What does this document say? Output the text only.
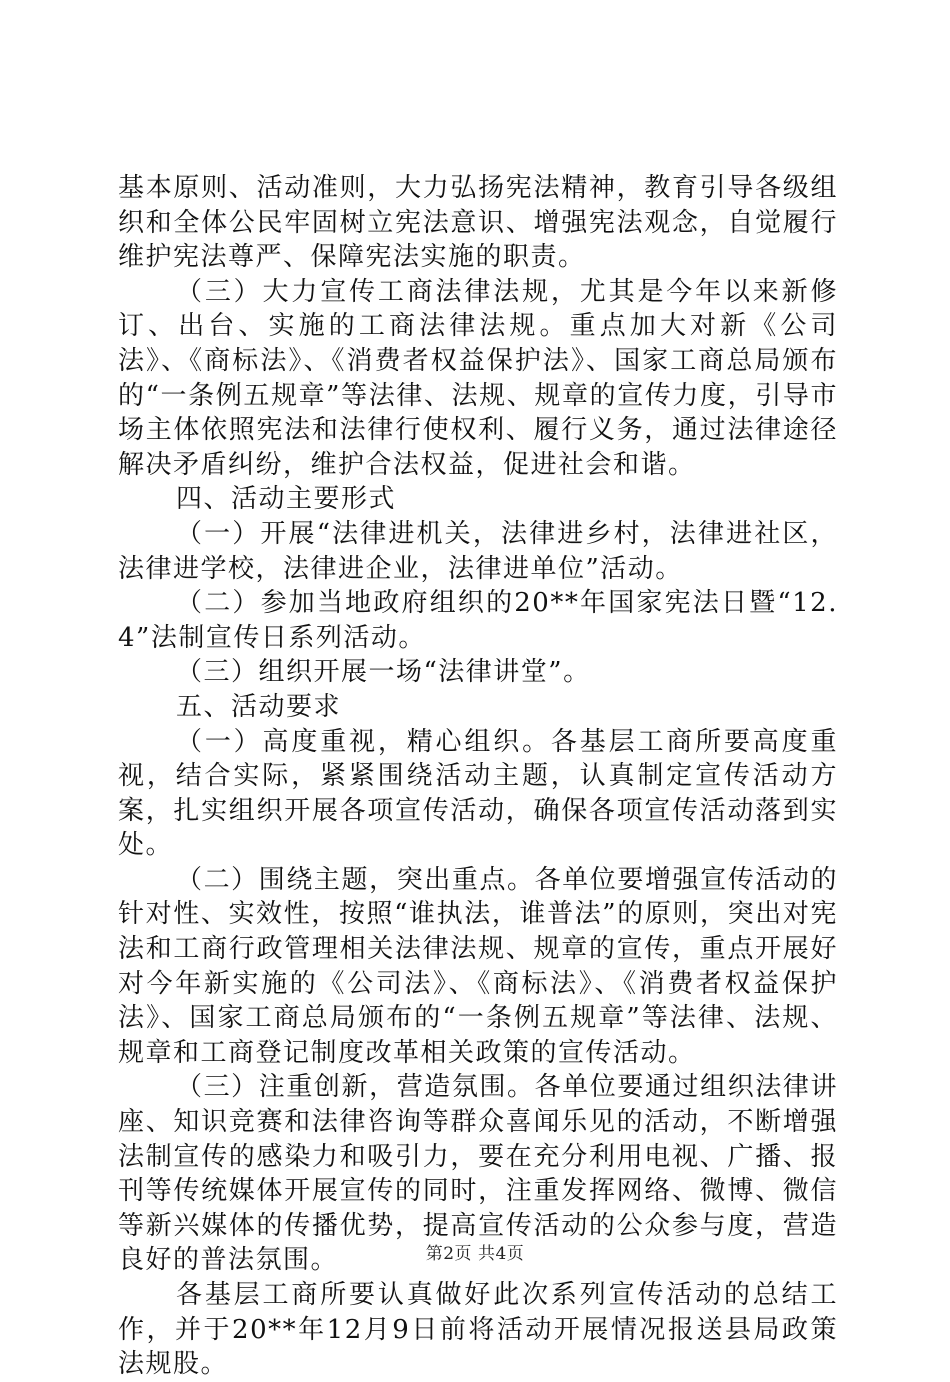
基本原则、活动准则，大力弘扬宪法精神，教育引导各级组织和全体公民牢固树立宪法意识、增强宪法观念，自觉履行维护宪法尊严、保障宪法实施的职责。

（三）大力宣传工商法律法规，尤其是今年以来新修订、出台、实施的工商法律法规。重点加大对新《公司法》、《商标法》、《消费者权益保护法》、国家工商总局颁布的“一条例五规章”等法律、法规、规章的宣传力度，引导市场主体依照宪法和法律行使权利、履行义务，通过法律途径解决矛盾纠纷，维护合法权益，促进社会和谐。

四、活动主要形式

（一）开展“法律进机关，法律进乡村，法律进社区，法律进学校，法律进企业，法律进单位”活动。

（二）参加当地政府组织的20**年国家宪法日暨“12.4”法制宣传日系列活动。

（三）组织开展一场“法律讲堂”。

五、活动要求

（一）高度重视，精心组织。各基层工商所要高度重视，结合实际，紧紧围绕活动主题，认真制定宣传活动方案，扎实组织开展各项宣传活动，确保各项宣传活动落到实处。

（二）围绕主题，突出重点。各单位要增强宣传活动的针对性、实效性，按照“谁执法，谁普法”的原则，突出对宪法和工商行政管理相关法律法规、规章的宣传，重点开展好对今年新实施的《公司法》、《商标法》、《消费者权益保护法》、国家工商总局颁布的“一条例五规章”等法律、法规、规章和工商登记制度改革相关政策的宣传活动。

（三）注重创新，营造氛围。各单位要通过组织法律讲座、知识竞赛和法律咨询等群众喜闻乐见的活动，不断增强法制宣传的感染力和吸引力，要在充分利用电视、广播、报刊等传统媒体开展宣传的同时，注重发挥网络、微博、微信等新兴媒体的传播优势，提高宣传活动的公众参与度，营造良好的普法氛围。

各基层工商所要认真做好此次系列宣传活动的总结工作，并于20**年12月9日前将活动开展情况报送县局政策法规股。

第2页 共4页
